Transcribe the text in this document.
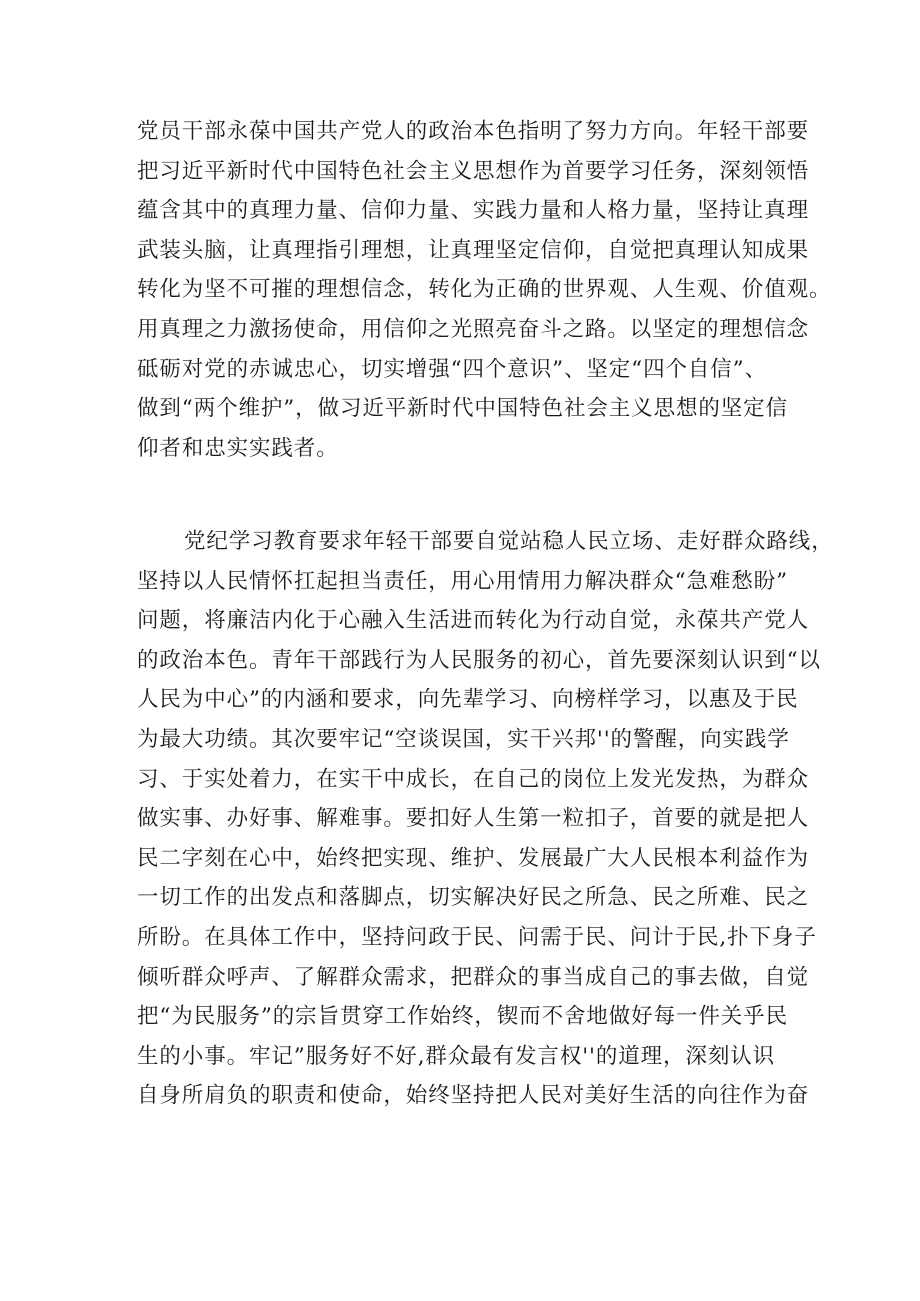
党员干部永葆中国共产党人的政治本色指明了努力方向。年轻干部要
把习近平新时代中国特色社会主义思想作为首要学习任务，深刻领悟
蕴含其中的真理力量、信仰力量、实践力量和人格力量，坚持让真理
武装头脑，让真理指引理想，让真理坚定信仰，自觉把真理认知成果
转化为坚不可摧的理想信念，转化为正确的世界观、人生观、价值观。
用真理之力激扬使命，用信仰之光照亮奋斗之路。以坚定的理想信念
砥砺对党的赤诚忠心，切实增强“四个意识”、坚定“四个自信”、
做到“两个维护”，做习近平新时代中国特色社会主义思想的坚定信
仰者和忠实实践者。
党纪学习教育要求年轻干部要自觉站稳人民立场、走好群众路线，
坚持以人民情怀扛起担当责任，用心用情用力解决群众“急难愁盼”
问题，将廉洁内化于心融入生活进而转化为行动自觉，永葆共产党人
的政治本色。青年干部践行为人民服务的初心，首先要深刻认识到“以
人民为中心”的内涵和要求，向先辈学习、向榜样学习，以惠及于民
为最大功绩。其次要牢记“空谈误国，实干兴邦''的警醒，向实践学
习、于实处着力，在实干中成长，在自己的岗位上发光发热，为群众
做实事、办好事、解难事。要扣好人生第一粒扣子，首要的就是把人
民二字刻在心中，始终把实现、维护、发展最广大人民根本利益作为
一切工作的出发点和落脚点，切实解决好民之所急、民之所难、民之
所盼。在具体工作中，坚持问政于民、问需于民、问计于民,扑下身子
倾听群众呼声、了解群众需求，把群众的事当成自己的事去做，自觉
把“为民服务”的宗旨贯穿工作始终，锲而不舍地做好每一件关乎民
生的小事。牢记”服务好不好,群众最有发言权''的道理，深刻认识
自身所肩负的职责和使命，始终坚持把人民对美好生活的向往作为奋
